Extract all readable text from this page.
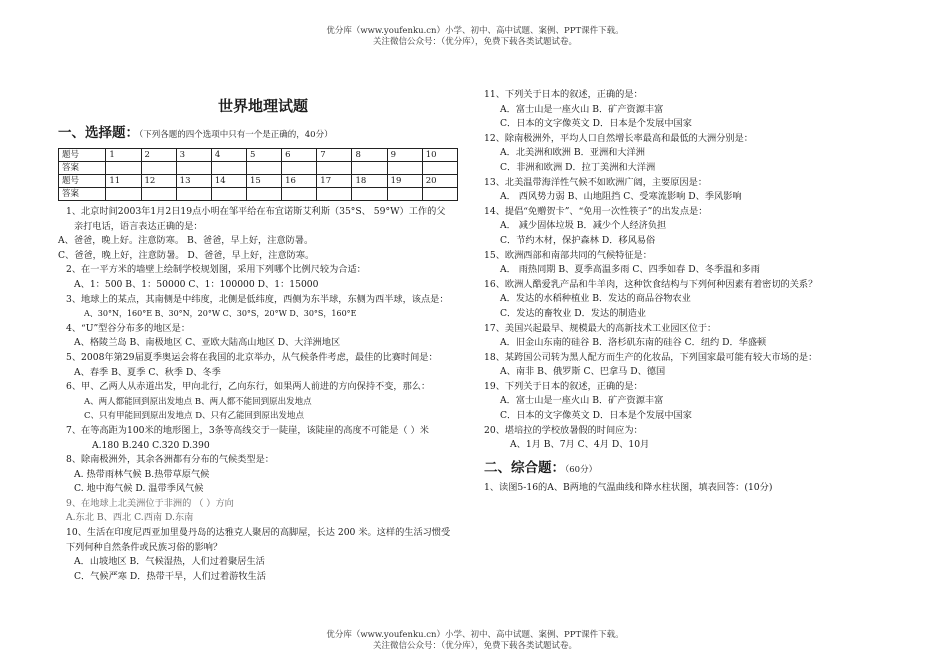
优分库（www.youfenku.cn）小学、初中、高中试题、案例、PPT课件下载。
关注微信公众号：（优分库），免费下载各类试题试卷。
世界地理试题
一、选择题：（下列各题的四个选项中只有一个是正确的，40分）
题号	1	2	3	4	5	6	7	8	9	10
答案										
题号	11	12	13	14	15	16	17	18	19	20
答案										
1、北京时间2003年1月2日19点小明在邹平给在布宜诺斯艾利斯（35°S、 59°W）工作的父
亲打电话，语言表达正确的是：
A、爸爸，晚上好。注意防寒。 B、爸爸，早上好，注意防暑。
C、爸爸，晚上好，注意防暑。 D、爸爸，早上好，注意防寒。
2、在一平方米的墙壁上绘制学校规划图，采用下列哪个比例尺较为合适：
A、1：500 B、1：50000 C、1：100000 D、1：15000
3、地球上的某点，其南侧是中纬度，北侧是低纬度，西侧为东半球，东侧为西半球，该点是：
A、30°N，160°E B、30°N，20°W C、30°S，20°W D、30°S，160°E
4、“U”型谷分布多的地区是：
A、格陵兰岛 B、南极地区 C、亚欧大陆高山地区 D、大洋洲地区
5、2008年第29届夏季奥运会将在我国的北京举办，从气候条件考虑，最佳的比赛时间是：
A、春季 B、夏季 C、秋季 D、冬季
6、甲、乙两人从赤道出发，甲向北行，乙向东行，如果两人前进的方向保持不变，那么：
A、两人都能回到原出发地点 B、两人都不能回到原出发地点
C、只有甲能回到原出发地点 D、只有乙能回到原出发地点
7、在等高距为100米的地形图上，3条等高线交于一陡崖，该陡崖的高度不可能是（ ）米
A.180 B.240 C.320 D.390
8、除南极洲外，其余各洲都有分布的气候类型是：
A. 热带雨林气候 B.热带草原气候
C. 地中海气候 D. 温带季风气候
9、在地球上北美洲位于非洲的 （ ）方向
A.东北 B、西北 C.西南 D.东南
10、生活在印度尼西亚加里曼丹岛的达雅克人聚居的高脚屋，长达 200 米。这样的生活习惯受
下列何种自然条件或民族习俗的影响？
A．山坡地区 B．气候湿热，人们过着聚居生活
C．气候严寒 D．热带干旱，人们过着游牧生活
11、下列关于日本的叙述，正确的是：
A．富士山是一座火山 B．矿产资源丰富
C．日本的文字像英文 D．日本是个发展中国家
12、除南极洲外，平均人口自然增长率最高和最低的大洲分别是：
A．北美洲和欧洲 B．亚洲和大洋洲
C．非洲和欧洲 D．拉丁美洲和大洋洲
13、北美温带海洋性气候不如欧洲广阔，主要原因是：
A． 西风势力弱 B、山地阻挡 C、受寒流影响 D、季风影响
14、提倡“免赠贺卡”、“免用一次性筷子”的出发点是：
A． 减少固体垃圾 B．减少个人经济负担
C．节约木材，保护森林 D．移风易俗
15、欧洲西部和南部共同的气候特征是：
A． 雨热同期 B、夏季高温多雨 C、四季如春 D、冬季温和多雨
16、欧洲人酷爱乳产品和牛羊肉，这种饮食结构与下列何种因素有着密切的关系？
A．发达的水稻种植业 B．发达的商品谷物农业
C．发达的畜牧业 D．发达的制造业
17、美国兴起最早、规模最大的高新技术工业园区位于：
A．旧金山东南的硅谷 B．洛杉矶东南的硅谷 C．纽约 D．华盛顿
18、某跨国公司转为黑人配方而生产的化妆品，下列国家最可能有较大市场的是：
A、南非 B、俄罗斯 C、巴拿马 D、德国
19、下列关于日本的叙述，正确的是：
A．富士山是一座火山 B．矿产资源丰富
C．日本的文字像英文 D．日本是个发展中国家
20、堪培拉的学校放暑假的时间应为：
A、1月 B、7月 C、4月 D、10月
二、综合题：（60分）
1、读图5-16的A、B两地的气温曲线和降水柱状图，填表回答：(10分)
优分库（www.youfenku.cn）小学、初中、高中试题、案例、PPT课件下载。
关注微信公众号：（优分库），免费下载各类试题试卷。
